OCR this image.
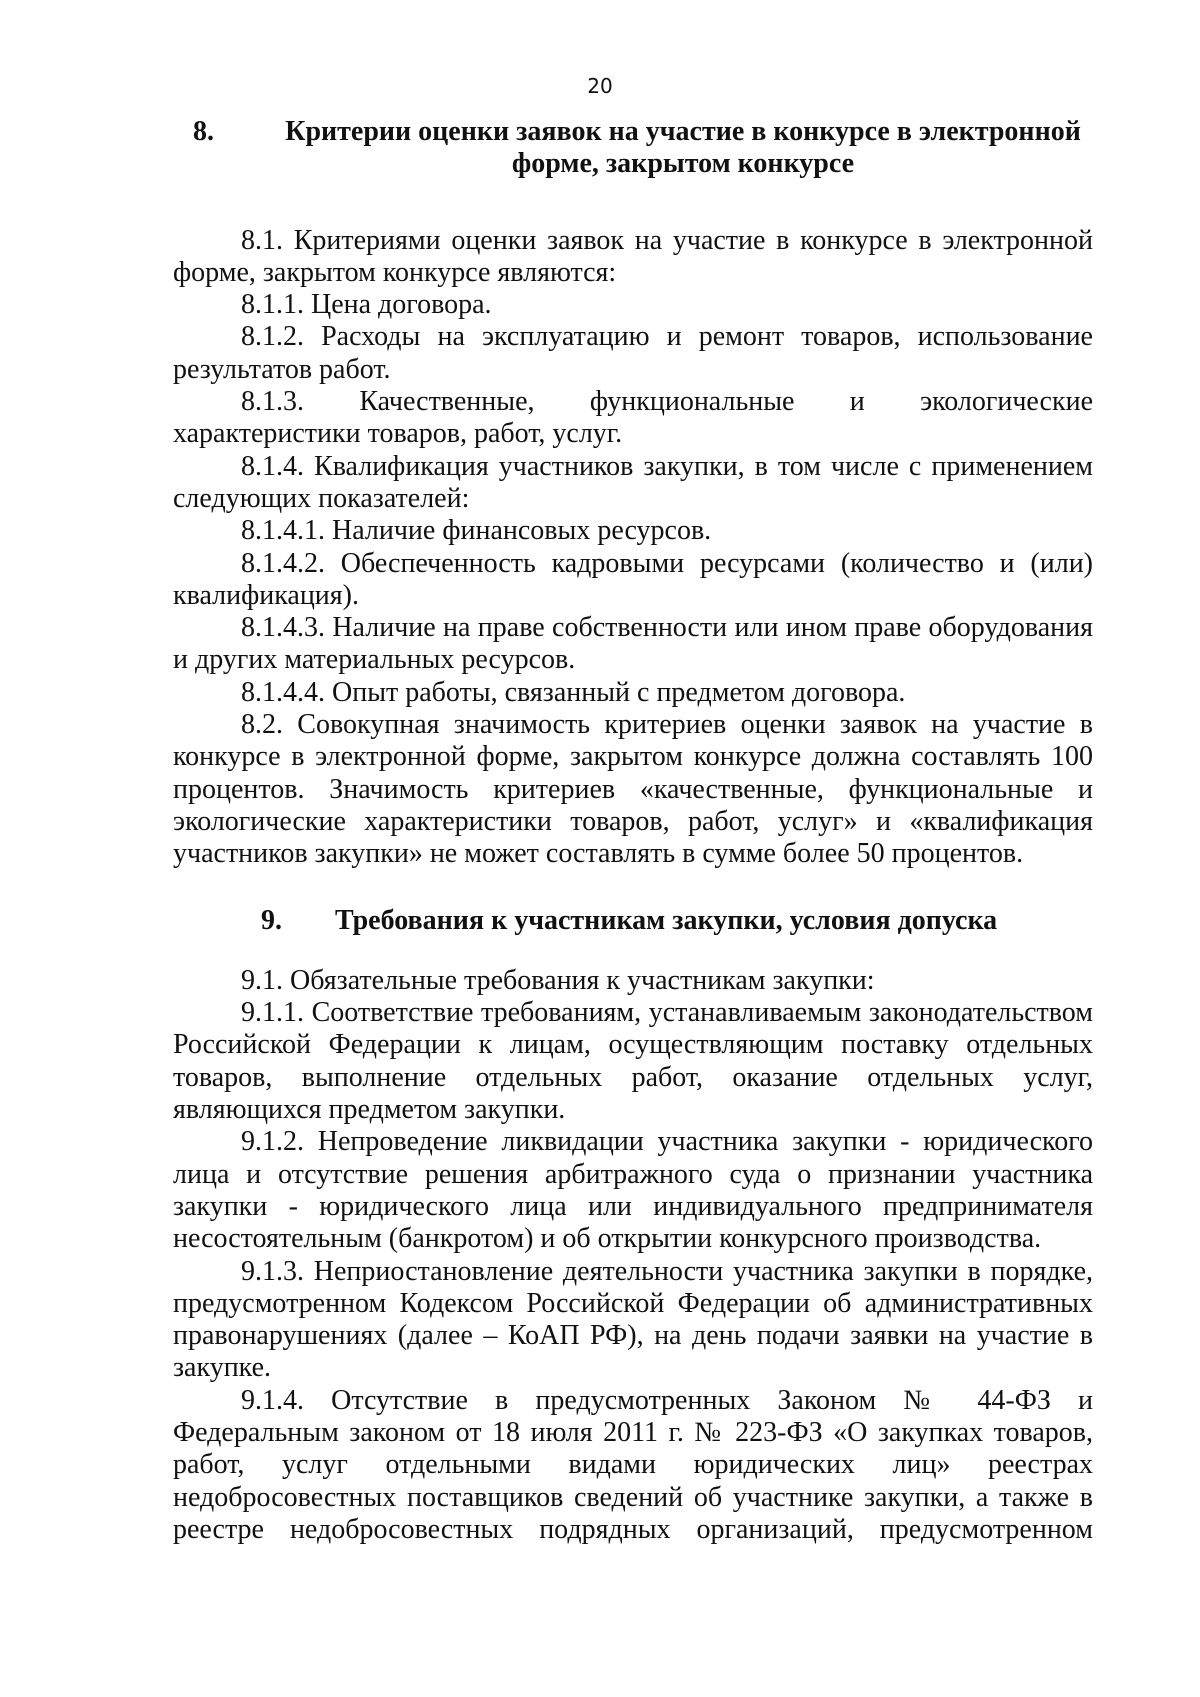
20
8.	Критерии оценки заявок на участие в конкурсе в электронной
форме, закрытом конкурсе

8.1. Критериями оценки заявок на участие в конкурсе в электронной форме, закрытом конкурсе являются:

8.1.1. Цена договора.

8.1.2. Расходы на эксплуатацию и ремонт товаров, использование результатов работ.

8.1.3. Качественные, функциональные и экологические характеристики товаров, работ, услуг.

8.1.4. Квалификация участников закупки, в том числе с применением следующих показателей:

8.1.4.1. Наличие финансовых ресурсов.

8.1.4.2. Обеспеченность кадровыми ресурсами (количество и (или) квалификация).

8.1.4.3. Наличие на праве собственности или ином праве оборудования и других материальных ресурсов.

8.1.4.4. Опыт работы, связанный с предметом договора.

8.2. Совокупная значимость критериев оценки заявок на участие в конкурсе в электронной форме, закрытом конкурсе должна составлять 100 процентов. Значимость критериев «качественные, функциональные и экологические характеристики товаров, работ, услуг» и «квалификация участников закупки» не может составлять в сумме более 50 процентов.

9. Требования к участникам закупки, условия допуска

9.1. Обязательные требования к участникам закупки:

9.1.1. Соответствие требованиям, устанавливаемым законодательством Российской Федерации к лицам, осуществляющим поставку отдельных товаров, выполнение отдельных работ, оказание отдельных услуг, являющихся предметом закупки.

9.1.2. Непроведение ликвидации участника закупки - юридического лица и отсутствие решения арбитражного суда о признании участника закупки - юридического лица или индивидуального предпринимателя несостоятельным (банкротом) и об открытии конкурсного производства.

9.1.3. Неприостановление деятельности участника закупки в порядке, предусмотренном Кодексом Российской Федерации об административных правонарушениях (далее – КоАП РФ), на день подачи заявки на участие в закупке.

9.1.4. Отсутствие в предусмотренных Законом № 44-ФЗ и Федеральным законом от 18 июля 2011 г. № 223-ФЗ «О закупках товаров, работ, услуг отдельными видами юридических лиц» реестрах недобросовестных поставщиков сведений об участнике закупки, а также в реестре недобросовестных подрядных организаций, предусмотренном
